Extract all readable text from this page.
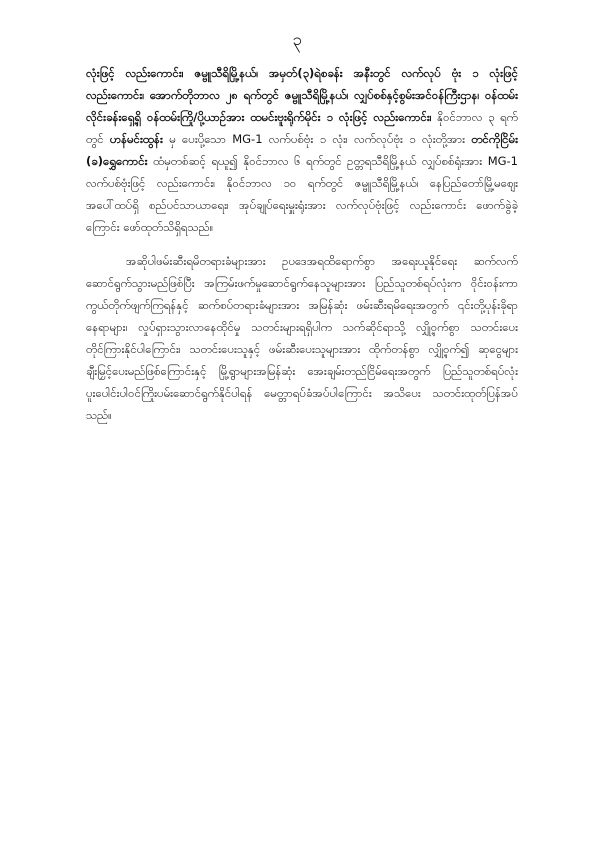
၃

လုံးဖြင့် လည်းကောင်း၊ ဇမ္ဗူသီရိမြို့နယ်၊ အမှတ်(၃)ရဲစခန်း အနီးတွင် လက်လုပ် ဗုံး ၁ လုံးဖြင့် လည်းကောင်း၊ အောက်တိုဘာလ ၂၈ ရက်တွင် ဇမ္ဗူသီရိမြို့နယ်၊ လျှပ်စစ်နှင့်စွမ်းအင်ဝန်ကြီးဌာန၊ ဝန်ထမ်းလိုင်းခန်းရှေ့ရှိ ဝန်ထမ်းကြို/ပို့ယာဉ်အား ထမင်းဗူးရိုက်မိုင်း ၁ လုံးဖြင့် လည်းကောင်း၊ နိုဝင်ဘာလ ၃ ရက်တွင် ဟန်မင်းထွန်း မှ ပေးပို့သော MG-1 လက်ပစ်ဗုံး ၁ လုံး၊ လက်လုပ်ဗုံး ၁ လုံးတို့အား တင်ကိုငြိမ်း (ခ)ရွှေကောင်း ထံမှတစ်ဆင့် ရယူ၍ နိုဝင်ဘာလ ၆ ရက်တွင် ဥတ္တရသီရိမြို့နယ် လျှပ်စစ်ရုံးအား MG-1 လက်ပစ်ဗုံးဖြင့် လည်းကောင်း၊ နိုဝင်ဘာလ ၁၀ ရက်တွင် ဇမ္ဗူသီရိမြို့နယ်၊ နေပြည်တော်မြို့မဈေး အပေါ်ထပ်ရှိ စည်ပင်သာယာရေး၊ အုပ်ချုပ်ရေးမှူးရုံးအား လက်လုပ်ဗုံးဖြင့် လည်းကောင်း ဖောက်ခွဲခဲ့ကြောင်း ဖော်ထုတ်သိရှိရသည်။

အဆိုပါဖမ်းဆီးရမိတရားခံများအား ဥပဒေအရထိရောက်စွာ အရေးယူနိုင်ရေး ဆက်လက်ဆောင်ရွက်သွားမည်ဖြစ်ပြီး အကြမ်းဖက်မှုဆောင်ရွက်နေသူများအား ပြည်သူတစ်ရပ်လုံးက ဝိုင်းဝန်းကာကွယ်တိုက်ဖျက်ကြရန်နှင့် ဆက်စပ်တရားခံများအား အမြန်ဆုံး ဖမ်းဆီးရမိရေးအတွက် ၎င်းတို့ပုန်းခိုရာနေရာများ၊ လှုပ်ရှားသွားလာနေထိုင်မှု သတင်းများရရှိပါက သက်ဆိုင်ရာသို့ လျှို့ဝှက်စွာ သတင်းပေးတိုင်ကြားနိုင်ပါကြောင်း၊ သတင်းပေးသူနှင့် ဖမ်းဆီးပေးသူများအား ထိုက်တန်စွာ လျှို့ဝှက်၍ ဆုငွေများ ချီးမြှင့်ပေးမည်ဖြစ်ကြောင်းနှင့် မြို့ရွာများအမြန်ဆုံး အေးချမ်းတည်ငြိမ်ရေးအတွက် ပြည်သူတစ်ရပ်လုံး ပူးပေါင်းပါဝင်ကြိုးပမ်းဆောင်ရွက်နိုင်ပါရန် မေတ္တာရပ်ခံအပ်ပါကြောင်း အသိပေး သတင်းထုတ်ပြန်အပ်သည်။
